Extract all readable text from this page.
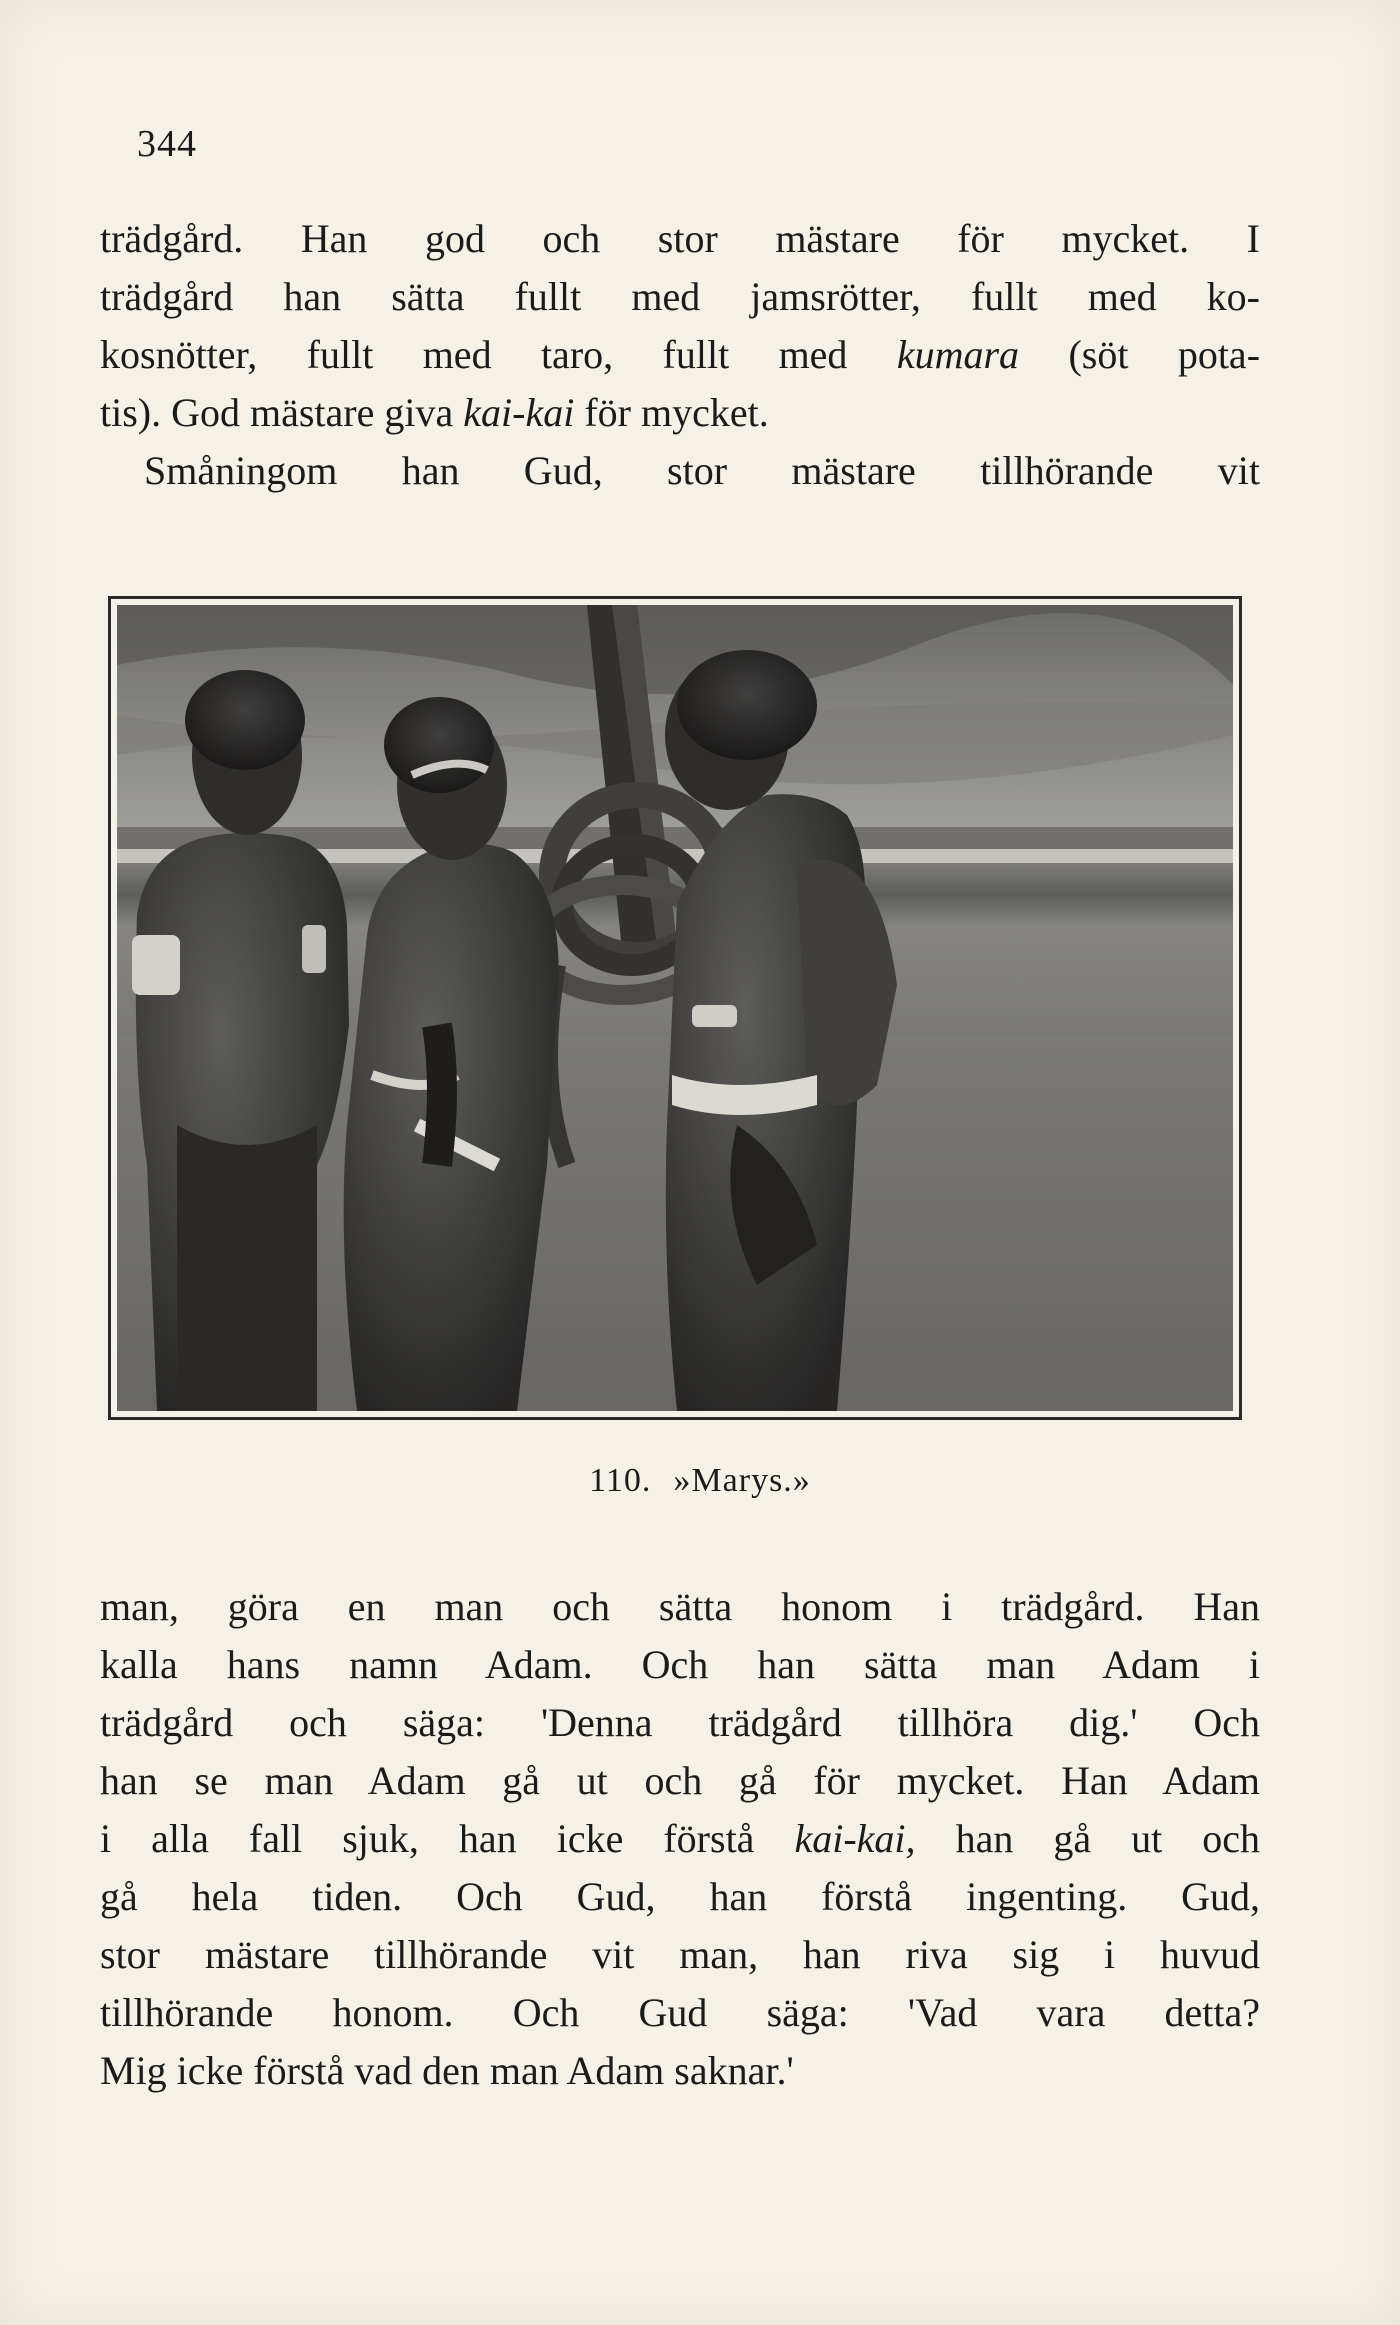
344
trädgård. Han god och stor mästare för mycket. I
trädgård han sätta fullt med jamsrötter, fullt med ko-
kosnötter, fullt med taro, fullt med kumara (söt pota-
tis). God mästare giva kai-kai för mycket.
Småningom han Gud, stor mästare tillhörande vit
110. »Marys.»
man, göra en man och sätta honom i trädgård. Han
kalla hans namn Adam. Och han sätta man Adam i
trädgård och säga: 'Denna trädgård tillhöra dig.' Och
han se man Adam gå ut och gå för mycket. Han Adam
i alla fall sjuk, han icke förstå kai-kai, han gå ut och
gå hela tiden. Och Gud, han förstå ingenting. Gud,
stor mästare tillhörande vit man, han riva sig i huvud
tillhörande honom. Och Gud säga: 'Vad vara detta?
Mig icke förstå vad den man Adam saknar.'
